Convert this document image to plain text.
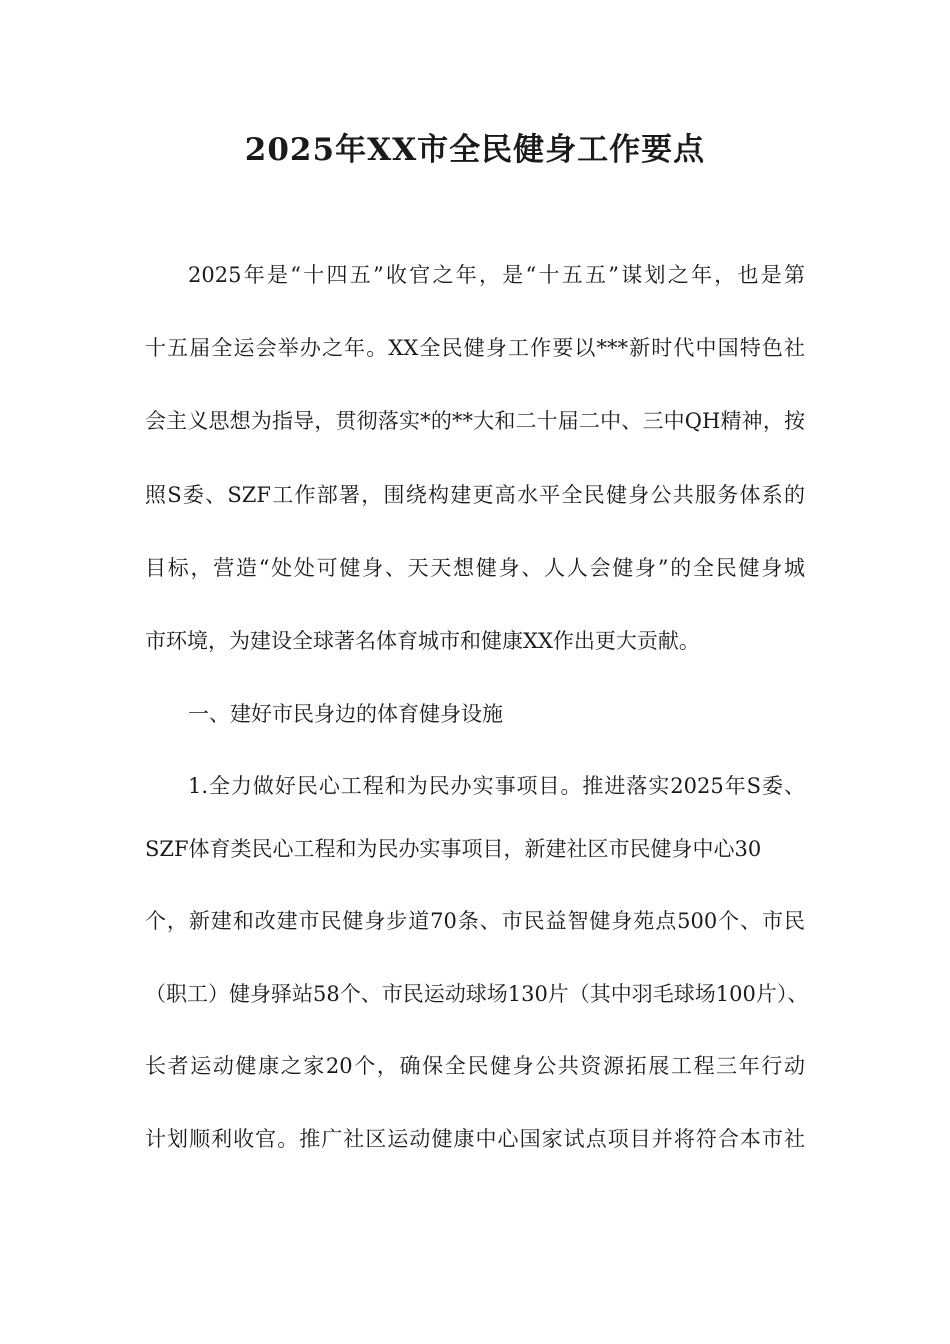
2025年XX市全民健身工作要点
2025年是“十四五”收官之年，是“十五五”谋划之年，也是第
十五届全运会举办之年。XX全民健身工作要以***新时代中国特色社
会主义思想为指导，贯彻落实*的**大和二十届二中、三中QH精神，按
照S委、SZF工作部署，围绕构建更高水平全民健身公共服务体系的
目标，营造“处处可健身、天天想健身、人人会健身”的全民健身城
市环境，为建设全球著名体育城市和健康XX作出更大贡献。
一、建好市民身边的体育健身设施
1.全力做好民心工程和为民办实事项目。推进落实2025年S委、
SZF体育类民心工程和为民办实事项目，新建社区市民健身中心30
个，新建和改建市民健身步道70条、市民益智健身苑点500个、市民
（职工）健身驿站58个、市民运动球场130片（其中羽毛球场100片）、
长者运动健康之家20个，确保全民健身公共资源拓展工程三年行动
计划顺利收官。推广社区运动健康中心国家试点项目并将符合本市社
